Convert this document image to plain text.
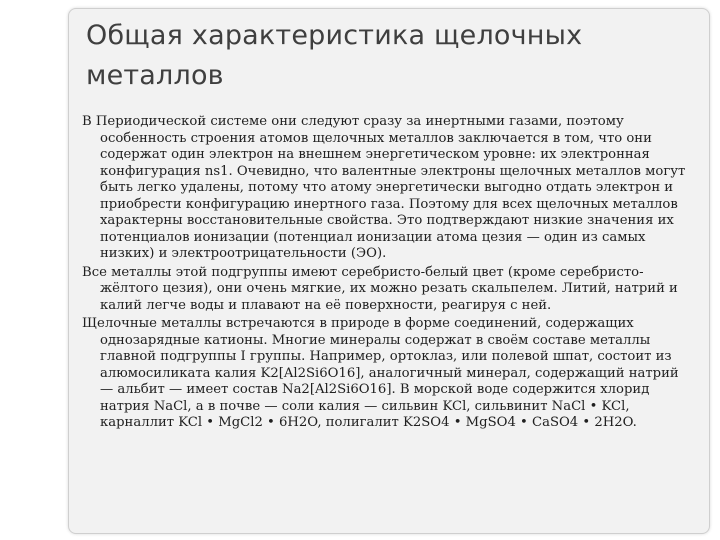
Общая характеристика щелочных металлов

В Периодической системе они следуют сразу за инертными газами, поэтому особенность строения атомов щелочных металлов заключается в том, что они содержат один электрон на внешнем энергетическом уровне: их электронная конфигурация ns1. Очевидно, что валентные электроны щелочных металлов могут быть легко удалены, потому что атому энергетически выгодно отдать электрон и приобрести конфигурацию инертного газа. Поэтому для всех щелочных металлов характерны восстановительные свойства. Это подтверждают низкие значения их потенциалов ионизации (потенциал ионизации атома цезия — один из самых низких) и электроотрицательности (ЭО).

Все металлы этой подгруппы имеют серебристо-белый цвет (кроме серебристо-жёлтого цезия), они очень мягкие, их можно резать скальпелем. Литий, натрий и калий легче воды и плавают на её поверхности, реагируя с ней.

Щелочные металлы встречаются в природе в форме соединений, содержащих однозарядные катионы. Многие минералы содержат в своём составе металлы главной подгруппы I группы. Например, ортоклаз, или полевой шпат, состоит из алюмосиликата калия K2[Al2Si6O16], аналогичный минерал, содержащий натрий — альбит — имеет состав Na2[Al2Si6O16]. В морской воде содержится хлорид натрия NaCl, а в почве — соли калия — сильвин KCl, сильвинит NaCl • KCl, карналлит KCl • MgCl2 • 6H2O, полигалит K2SO4 • MgSO4 • CaSO4 • 2H2O.
